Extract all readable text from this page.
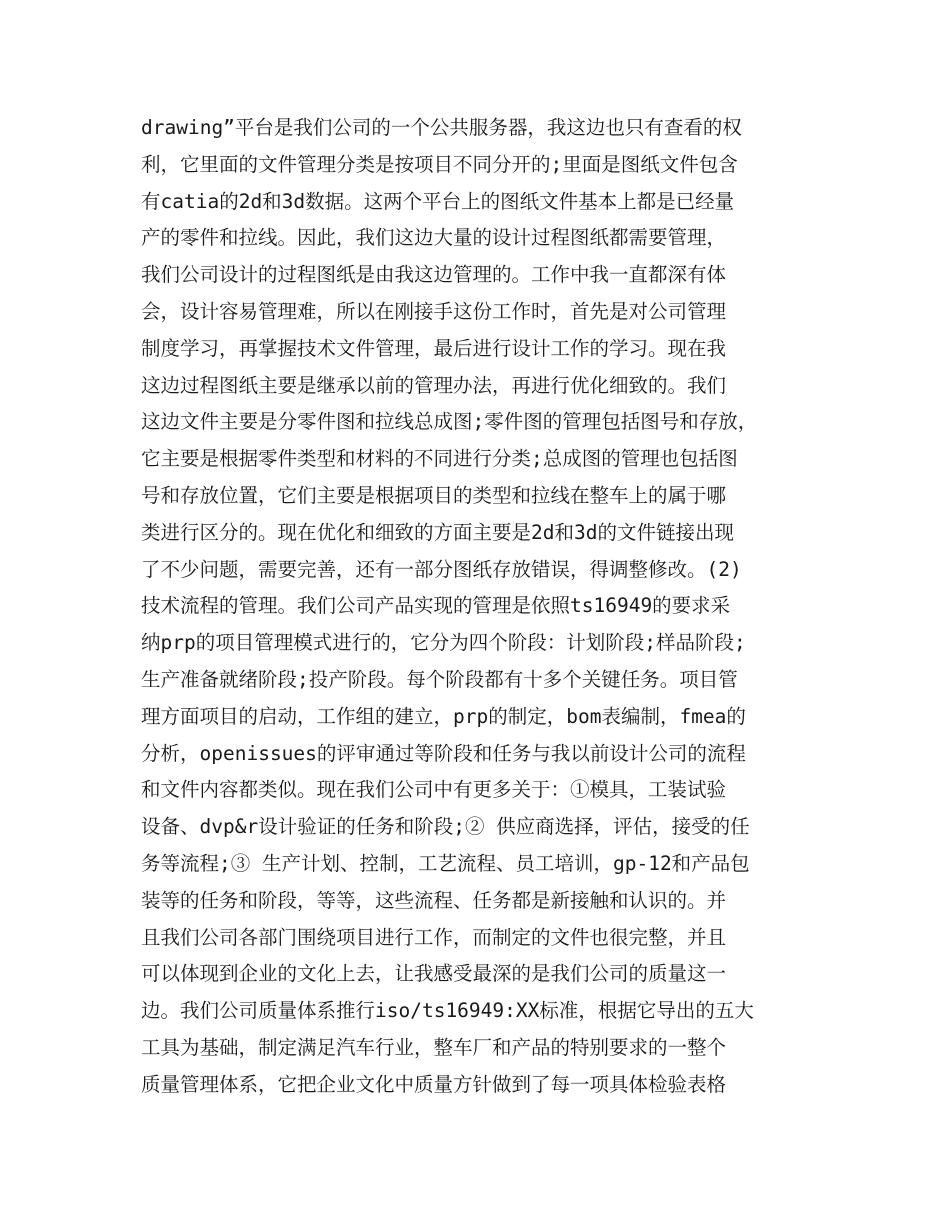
drawing”平台是我们公司的一个公共服务器，我这边也只有查看的权
利，它里面的文件管理分类是按项目不同分开的;里面是图纸文件包含
有catia的2d和3d数据。这两个平台上的图纸文件基本上都是已经量
产的零件和拉线。因此，我们这边大量的设计过程图纸都需要管理，
我们公司设计的过程图纸是由我这边管理的。工作中我一直都深有体
会，设计容易管理难，所以在刚接手这份工作时，首先是对公司管理
制度学习，再掌握技术文件管理，最后进行设计工作的学习。现在我
这边过程图纸主要是继承以前的管理办法，再进行优化细致的。我们
这边文件主要是分零件图和拉线总成图;零件图的管理包括图号和存放，
它主要是根据零件类型和材料的不同进行分类;总成图的管理也包括图
号和存放位置，它们主要是根据项目的类型和拉线在整车上的属于哪
类进行区分的。现在优化和细致的方面主要是2d和3d的文件链接出现
了不少问题，需要完善，还有一部分图纸存放错误，得调整修改。(2)
技术流程的管理。我们公司产品实现的管理是依照ts16949的要求采
纳prp的项目管理模式进行的，它分为四个阶段：计划阶段;样品阶段;
生产准备就绪阶段;投产阶段。每个阶段都有十多个关键任务。项目管
理方面项目的启动，工作组的建立，prp的制定，bom表编制，fmea的
分析，openissues的评审通过等阶段和任务与我以前设计公司的流程
和文件内容都类似。现在我们公司中有更多关于：①模具，工装试验
设备、dvp&r设计验证的任务和阶段;② 供应商选择，评估，接受的任
务等流程;③ 生产计划、控制，工艺流程、员工培训，gp-12和产品包
装等的任务和阶段，等等，这些流程、任务都是新接触和认识的。并
且我们公司各部门围绕项目进行工作，而制定的文件也很完整，并且
可以体现到企业的文化上去，让我感受最深的是我们公司的质量这一
边。我们公司质量体系推行iso/ts16949:XX标准，根据它导出的五大
工具为基础，制定满足汽车行业，整车厂和产品的特别要求的一整个
质量管理体系，它把企业文化中质量方针做到了每一项具体检验表格
